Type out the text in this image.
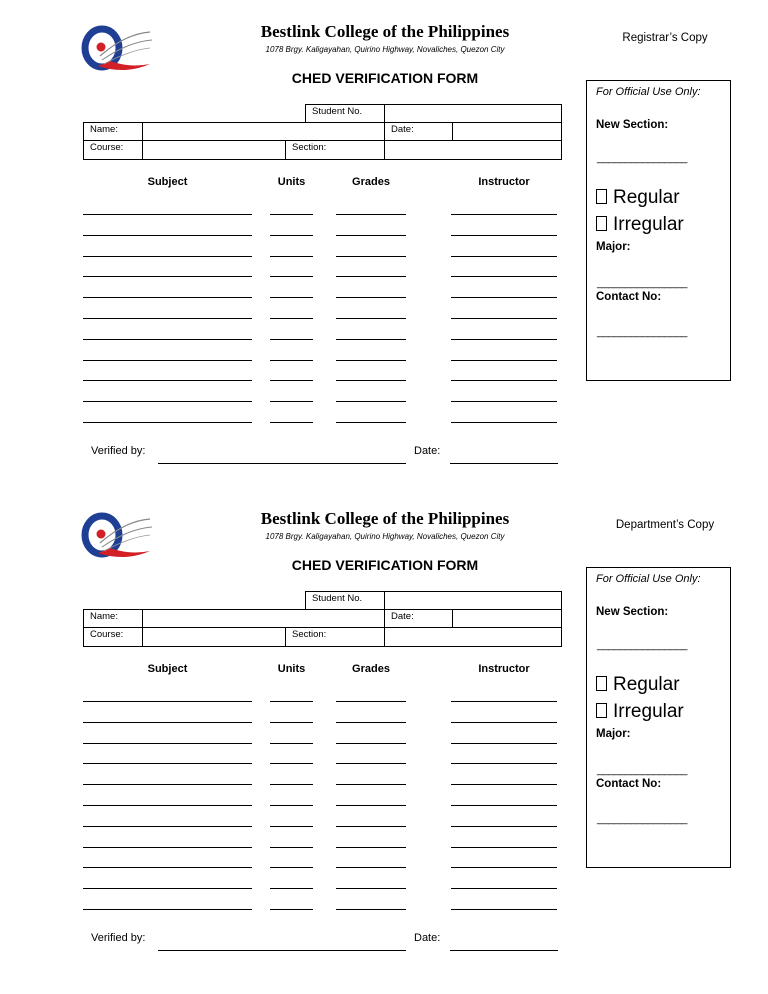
Bestlink College of the Philippines
1078 Brgy. Kaligayahan, Quirino Highway, Novaliches, Quezon City
Registrar’s Copy
CHED VERIFICATION FORM
Student No.
Name:	Date:
Course:	Section:
Subject	Units	Grades	Instructor
Verified by:	Date:
For Official Use Only:
New Section:
________________
Regular
Irregular
Major:
________________
Contact No:
________________
Bestlink College of the Philippines
1078 Brgy. Kaligayahan, Quirino Highway, Novaliches, Quezon City
Department’s Copy
CHED VERIFICATION FORM
Student No.
Name:	Date:
Course:	Section:
Subject	Units	Grades	Instructor
Verified by:	Date:
For Official Use Only:
New Section:
________________
Regular
Irregular
Major:
________________
Contact No:
________________
